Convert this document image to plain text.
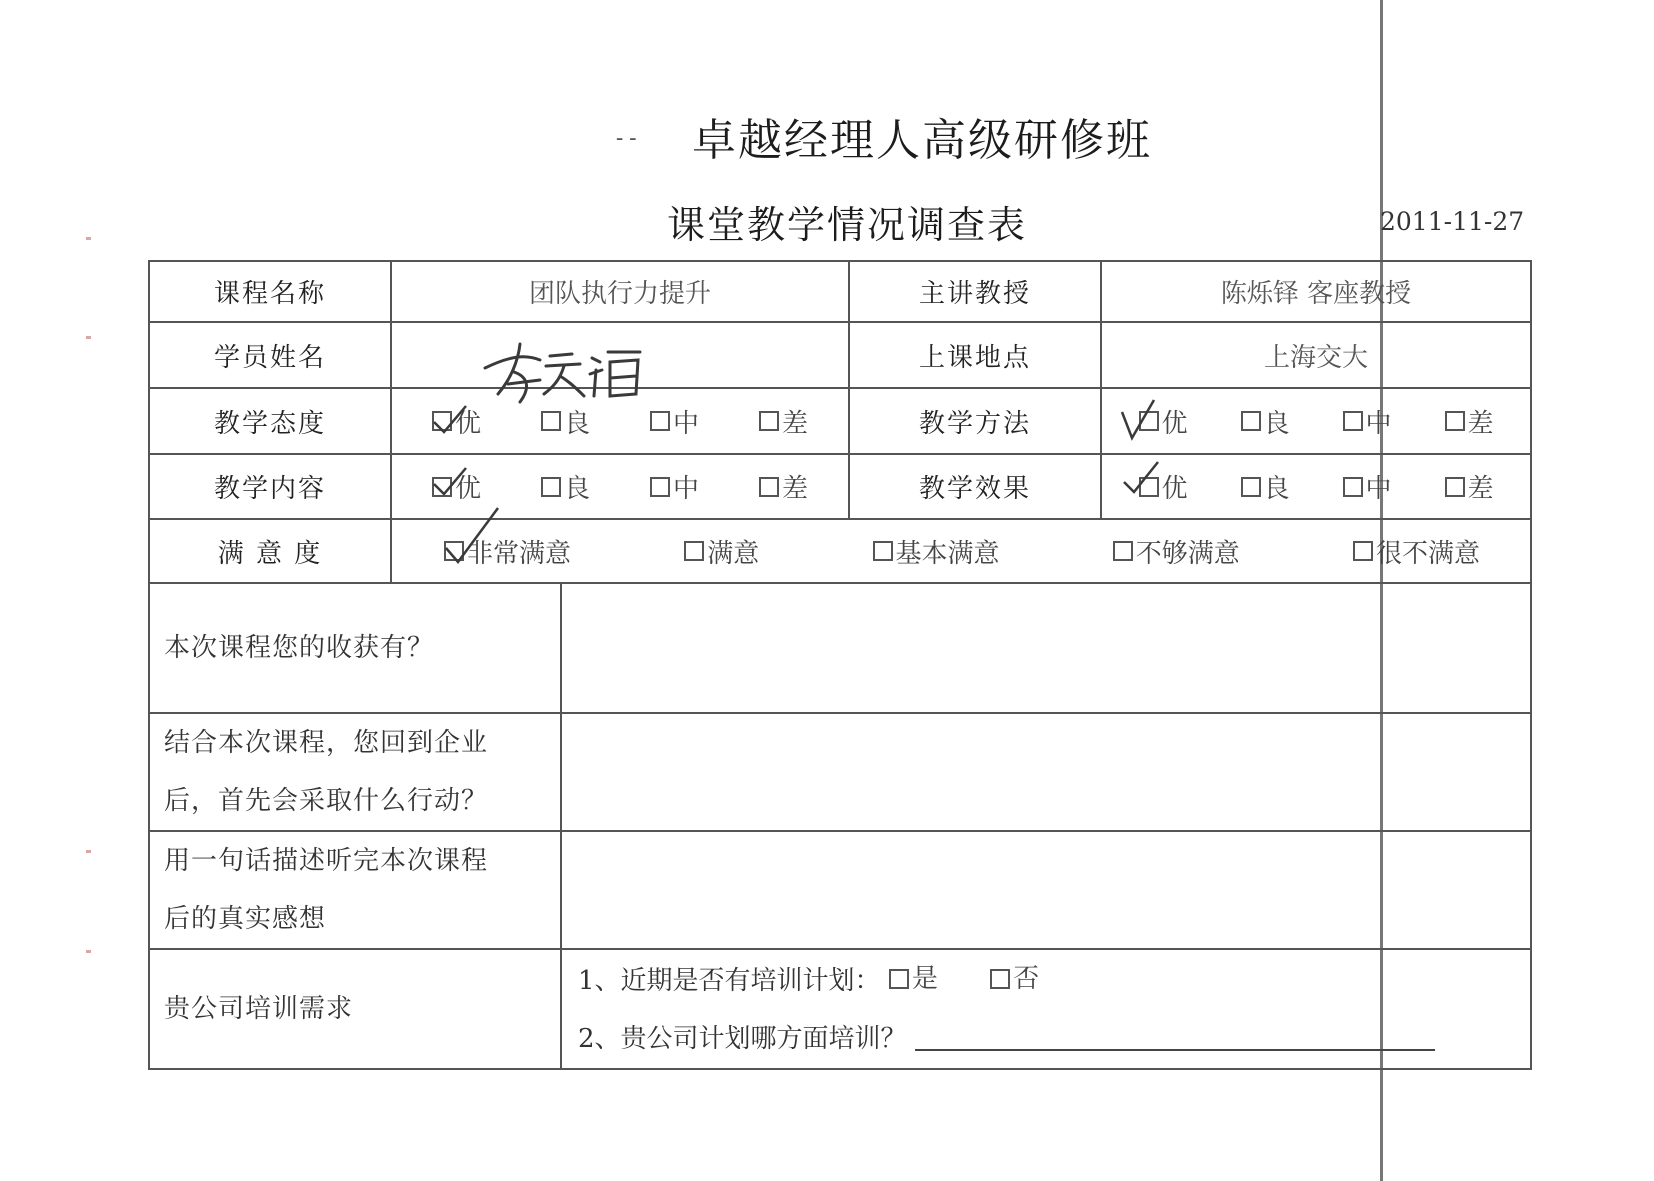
--	卓越经理人高级研修班
课堂教学情况调查表	2011-11-27
课程名称	团队执行力提升		主讲教授	陈烁铎 客座教授
学员姓名			上课地点	上海交大
教学态度	优 良 中 差		教学方法	优 良 中 差

教学内容	优 良 中 差		教学效果	优 良 中 差

满 意 度	非常满意 满意 基本满意 不够满意 很不满意			

本次课程您的收获有？				

结合本次课程，您回到企业
后，首先会采取什么行动？				

用一句话描述听完本次课程
后的真实感想				

贵公司培训需求		1、近期是否有培训计划： 是
否
2、贵公司计划哪方面培训？		
